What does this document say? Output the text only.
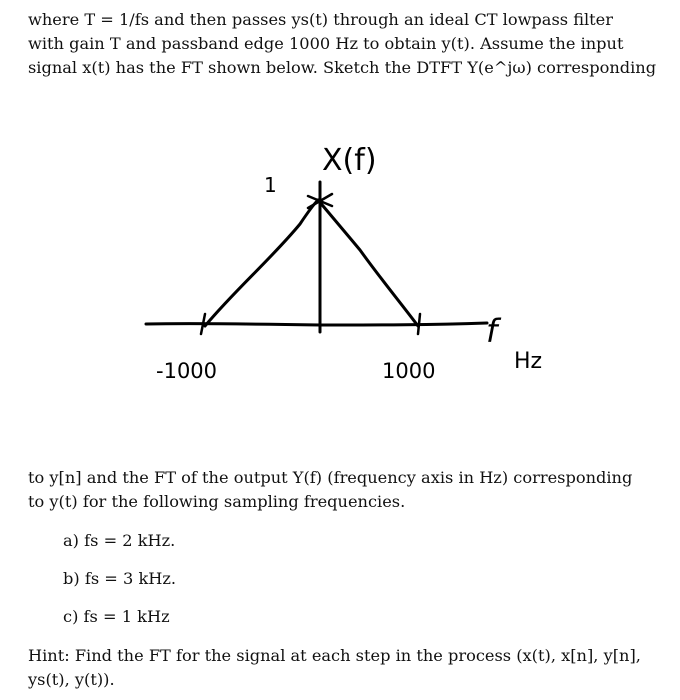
where T = 1/fs and then passes ys(t) through an ideal CT lowpass filter
with gain T and passband edge 1000 Hz to obtain y(t). Assume the input
signal x(t) has the FT shown below. Sketch the DTFT Y(e^jω) corresponding

X(f)
1
-1000	1000
f
Hz

to y[n] and the FT of the output Y(f) (frequency axis in Hz) corresponding
to y(t) for the following sampling frequencies.

a) fs = 2 kHz.

b) fs = 3 kHz.

c) fs = 1 kHz

Hint: Find the FT for the signal at each step in the process (x(t), x[n], y[n],
ys(t), y(t)).
